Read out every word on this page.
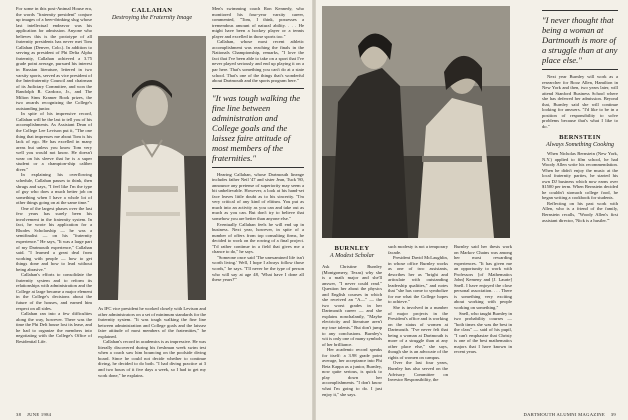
For some in this post-Animal House era, the words "fraternity president" conjure up images of a beer-drinking slug whose last intellectual endeavor was his application for admission. Anyone who believes this is the prototype of all fraternity presidents has never met Tom Callahan (Denver, Colo.). In addition to serving as president of Phi Delta Alpha fraternity, Callahan achieved a 3.75 grade point average, pursued his interest in Russian literature, lettered in two varsity sports, served as vice president of the Interfraternity Council and chairman of its Judiciary Committee, and won the Randolph R. Cardozo, Jr., and The Milton Sims Kramer Book prizes, the two awards recognizing the College's outstanding junior.

In spite of his impressive record, Callahan will be the last to tell you of his accomplishments. As Assistant Dean of the College Lee Levison put it, "The one thing that impresses me about Tom is his lack of ego. He has excelled in many areas but unless you know Tom very well you would not know. He doesn't wear on his sleeve that he is a super student or a champion-ship caliber diver."

In explaining his overflowing schedule, Callahan pauses to think, then shrugs and says, "I feel like I'm the type of guy who does a much better job on something when I have a whole lot of other things going on at the same time."

One of the largest phases over the last few years has surely been his involvement in the fraternity system. In fact, he wrote his application for a Rhodes Scholarship — he was a semifinalist — on his "fraternity experience." He says, "It was a large part of my Dartmouth experience," Callahan said. "I learned a great deal from working with people — how to get things done and how to lead without being abrasive."

Callahan's efforts to consolidate the fraternity system and to reform its relationships with administration and the College at large became a major element in the College's decisions about the future of the houses, and earned him respect on all sides.

Callahan ran into a few difficulties along the way, however. There was the time the Phi Delt house lost its lease, and he had to organize the members into negotiating with the College's Office of Residential Life.

CALLAHAN
Destroying the Fraternity Image

As IFC vice president he worked closely with Levison and other administrators on a set of minimum standards for the fraternity system. "It was tough walking the fine line between administration and College goals and the laissez faire attitude of most members of the fraternities," he explained.

Callahan's record in academics is as impressive. He was literally discovered during his freshman week swim test when a coach saw him bouncing on the poolside diving board. Since he could not decide whether to continue diving, he decided to do both. "I had diving practice at 3 and two hours of it five days a week, so I had to get my work done," he explains.

Men's swimming coach Ron Kennedy, who monitored his four-year varsity career, commented, "Tom, I think, possesses a tremendous amount of natural ability. . . . He might have been a hockey player or a tennis player and excelled in those sports too."

Callahan, whose most recent athletic accomplishment was reaching the finals in the Nationals Championship, remarks, "I love the fact that I've been able to take on a sport that I've never played seriously and end up playing it on a par here. That's something you can't do at a state school. That's one of the things that's wonderful about Dartmouth and the sports program here."

"It was tough walking the fine line between administration and College goals and the laissez faire attitude of most members of the fraternities."

Hearing Callahan, whose Dartmouth lineage includes father Neil '47 and sister Jean, Tuck '80, announce any pretense of superiority may seem a bit unbelievable. However, a look at his hand-set face leaves little doubt as to his sincerity. "I'm very critical of any kind of elitism. You put as much into an activity as you can and take out as much as you can. But don't try to believe that somehow you are better than anyone else."

Eventually Callahan feels he will end up in business. Next year, however, in spite of a number of offers from top consulting firms, he decided to work on the rowing of a final project. "I'd rather continue in a field that gives me a chance to do," he says.

"Someone once said 'The unexamined life isn't worth living.' Well, I hope I always follow those words," he says. "I'll never be the type of person who will say at age 48, 'What have I done all these years?'"

38 JUNE 1984
BURNLEY
A Modest Scholar

Ask Christine Burnley (Montgomery, Texas) why she is a math major and she'll answer, "I never could read." Question her about the physics and English courses in which she received an "A—" — the two worst grades in her Dartmouth career — and she explains nonchalantly, "Maybe electricity and literature aren't my true talents." But don't jump to any conclusions. Burnley's wit is only one of many symbols of her brilliance.

Her academic record speaks for itself: a 3.98 grade point average, her acceptance into Phi Beta Kappa as a junior, Burnley, now quite serious, is quick to play down her accomplishments. "I don't know what I'm going to do. I just enjoy it," she says.

such modesty is not a temporary facade.

President David McLaughlin, in whose office Burnley works as one of two assistants, describes her as "bright and articulate with outstanding leadership qualities," and notes that "she has come to symbolize for me what the College hopes to achieve."

She is involved in a number of major projects in the President's office and is working on the status of women at Dartmouth. "I've never felt that being a woman at Dartmouth is more of a struggle than at any other place else," she says, though she is an advocate of the rights of women on campus.

Over the last four years, Burnley has also served on the Advisory Committee on Investor Responsibility, the

Burnley said her thesis work on Markov Chains was among her most rewarding experiences. "It has given me an opportunity to work with Professors [of Mathematics John] Kemeny and [J. Laurie] Snell. I have enjoyed the close personal association. . . . There is something very exciting about working with people working on something."

Snell, who taught Burnley in two probability courses — "both times she was the best in the class" — said of his pupil, "I can't emphasize that Christy is one of the best mathematics majors that I have known in recent years.

"I never thought that being a woman at Dartmouth is more of a struggle than at any place else."

Next year Burnley will work as a researcher for Booz Allen, Hamilton in New York and then, two years later, will attend Stanford Business School where she has deferred her admission. Beyond that, Burnley said she will continue looking for answers. "I'd like to be in a position of responsibility to solve problems because that's what I like to do."

BERNSTEIN
Always Something Cooking

When Nicholas Bernstein (New York, N.Y.) applied to film school, he had Woody Allen write his recommendation. When he didn't enjoy the music at the local fraternity parties, he started his own DJ business which now earns over $1500 per term. When Bernstein decided he couldn't stomach college food, he began writing a cookbook for students.

Reflecting on his past work with Allen, who is a friend of the family, Bernstein recalls, "Woody Allen's first assistant director, 'Nick is a hustler.'"

DARTMOUTH ALUMNI MAGAZINE 39
